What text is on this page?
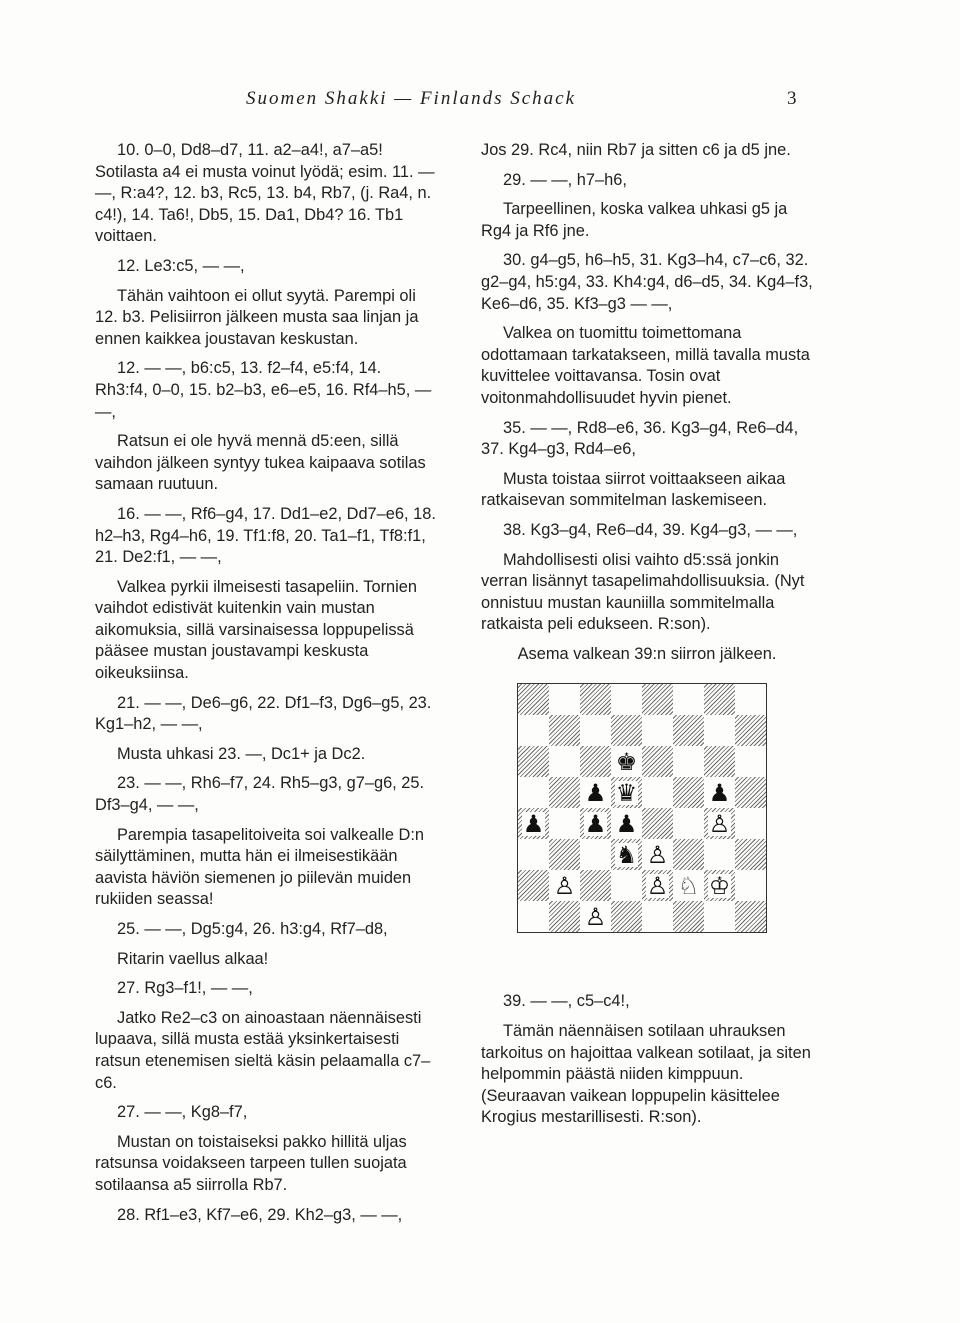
Suomen Shakki — Finlands Schack	3

10. 0–0, Dd8–d7, 11. a2–a4!, a7–a5! Sotilasta a4 ei musta voinut lyödä; esim. 11. — —, R:a4?, 12. b3, Rc5, 13. b4, Rb7, (j. Ra4, n. c4!), 14. Ta6!, Db5, 15. Da1, Db4? 16. Tb1 voittaen.

12. Le3:c5, — —,

Tähän vaihtoon ei ollut syytä. Parempi oli 12. b3. Pelisiirron jälkeen musta saa linjan ja ennen kaikkea joustavan keskustan.

12. — —, b6:c5, 13. f2–f4, e5:f4, 14. Rh3:f4, 0–0, 15. b2–b3, e6–e5, 16. Rf4–h5, — —,

Ratsun ei ole hyvä mennä d5:een, sillä vaihdon jälkeen syntyy tukea kaipaava sotilas samaan ruutuun.

16. — —, Rf6–g4, 17. Dd1–e2, Dd7–e6, 18. h2–h3, Rg4–h6, 19. Tf1:f8, 20. Ta1–f1, Tf8:f1, 21. De2:f1, — —,

Valkea pyrkii ilmeisesti tasapeliin. Tornien vaihdot edistivät kuitenkin vain mustan aikomuksia, sillä varsinaisessa loppupelissä pääsee mustan joustavampi keskusta oikeuksiinsa.

21. — —, De6–g6, 22. Df1–f3, Dg6–g5, 23. Kg1–h2, — —,

Musta uhkasi 23. —, Dc1+ ja Dc2.

23. — —, Rh6–f7, 24. Rh5–g3, g7–g6, 25. Df3–g4, — —,

Parempia tasapelitoiveita soi valkealle D:n säilyttäminen, mutta hän ei ilmeisestikään aavista häviön siemenen jo piilevän muiden rukiiden seassa!

25. — —, Dg5:g4, 26. h3:g4, Rf7–d8,

Ritarin vaellus alkaa!

27. Rg3–f1!, — —,

Jatko Re2–c3 on ainoastaan näennäisesti lupaava, sillä musta estää yksinkertaisesti ratsun etenemisen sieltä käsin pelaamalla c7–c6.

27. — —, Kg8–f7,

Mustan on toistaiseksi pakko hillitä uljas ratsunsa voidakseen tarpeen tullen suojata sotilaansa a5 siirrolla Rb7.

28. Rf1–e3, Kf7–e6, 29. Kh2–g3, — —,

Jos 29. Rc4, niin Rb7 ja sitten c6 ja d5 jne.

29. — —, h7–h6,

Tarpeellinen, koska valkea uhkasi g5 ja Rg4 ja Rf6 jne.

30. g4–g5, h6–h5, 31. Kg3–h4, c7–c6, 32. g2–g4, h5:g4, 33. Kh4:g4, d6–d5, 34. Kg4–f3, Ke6–d6, 35. Kf3–g3 — —,

Valkea on tuomittu toimettomana odottamaan tarkatakseen, millä tavalla musta kuvittelee voittavansa. Tosin ovat voitonmahdollisuudet hyvin pienet.

35. — —, Rd8–e6, 36. Kg3–g4, Re6–d4, 37. Kg4–g3, Rd4–e6,

Musta toistaa siirrot voittaakseen aikaa ratkaisevan sommitelman laskemiseen.

38. Kg3–g4, Re6–d4, 39. Kg4–g3, — —,

Mahdollisesti olisi vaihto d5:ssä jonkin verran lisännyt tasapelimahdollisuuksia. (Nyt onnistuu mustan kauniilla sommitelmalla ratkaista peli edukseen. R:son).

Asema valkean 39:n siirron jälkeen.

♚
♟ ♛	♟
♟ ♟ ♟	♙
♞ ♙
♙	♙ ♘ ♔
♙

39. — —, c5–c4!,

Tämän näennäisen sotilaan uhrauksen tarkoitus on hajoittaa valkean sotilaat, ja siten helpommin päästä niiden kimppuun. (Seuraavan vaikean loppupelin käsittelee Krogius mestarillisesti. R:son).
